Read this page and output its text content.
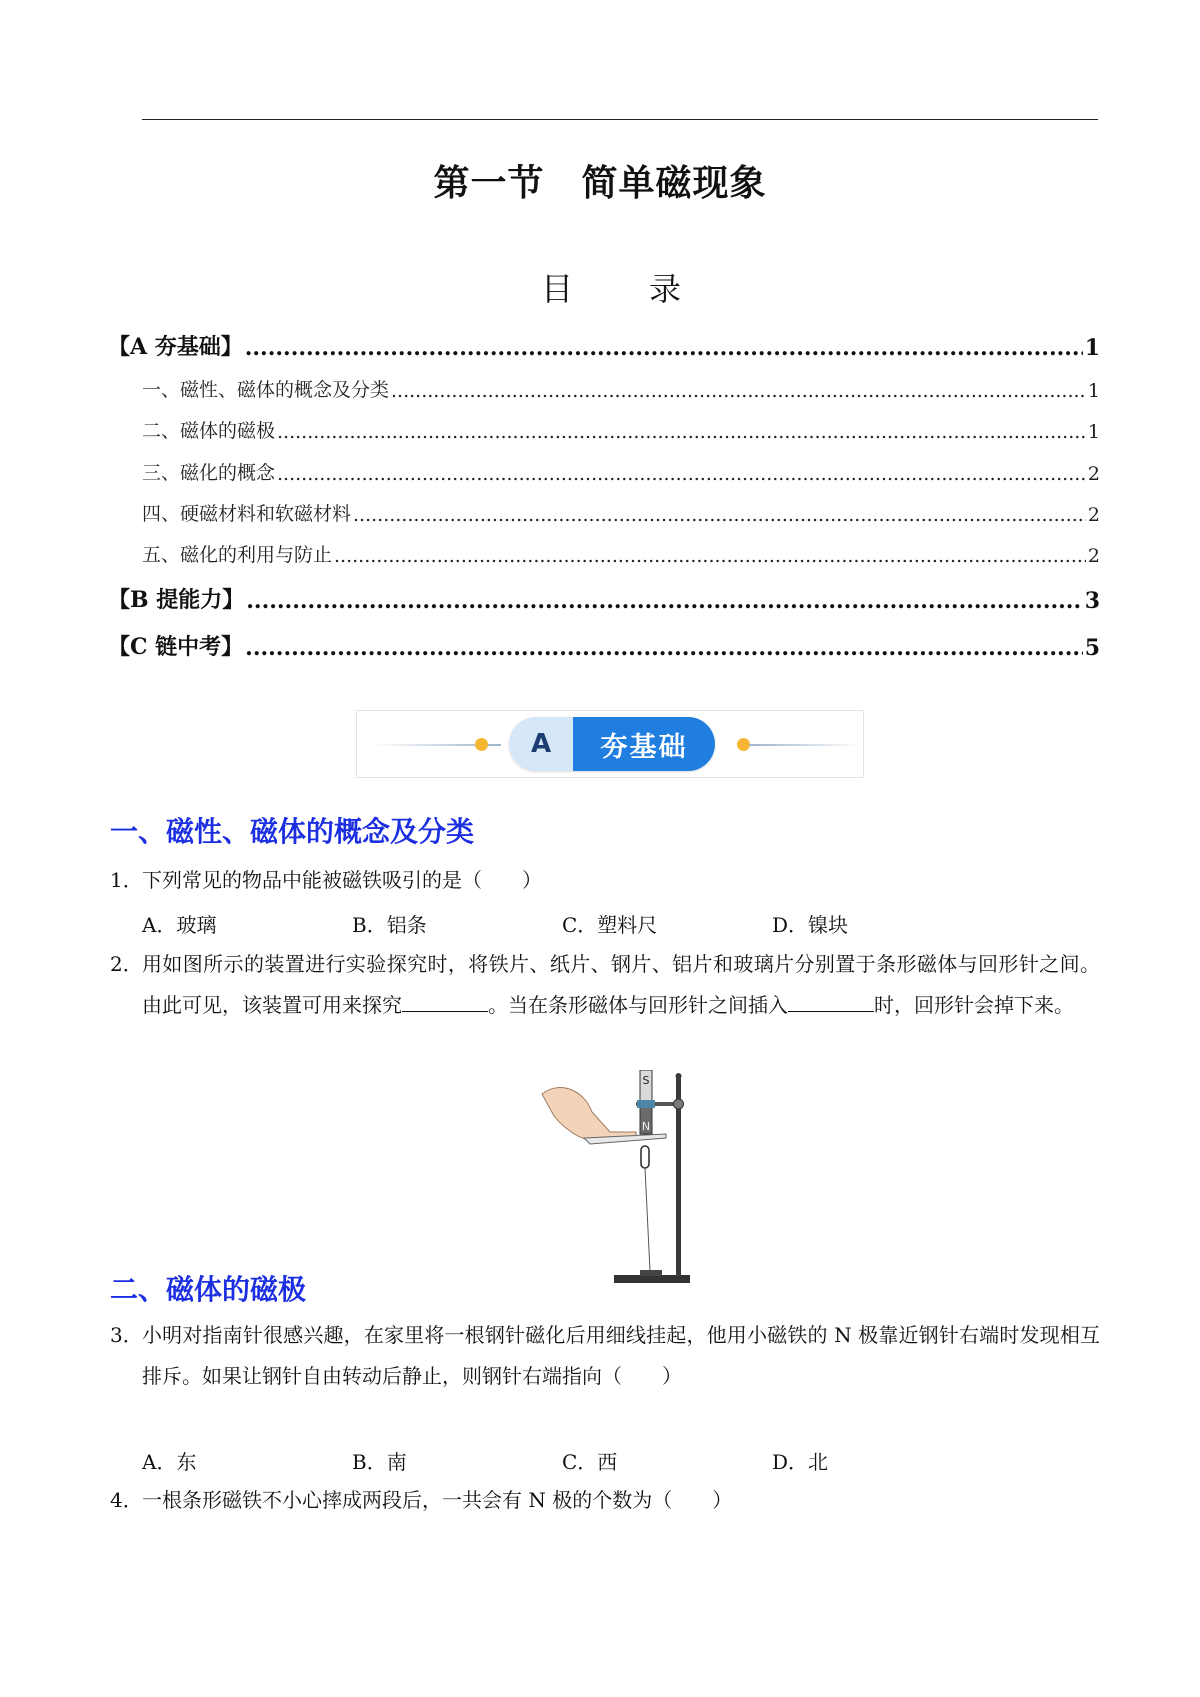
第一节　简单磁现象
目　录
【A 夯基础】 .....	1
一、磁性、磁体的概念及分类 .....	1
二、磁体的磁极 .....	1
三、磁化的概念 .....	2
四、硬磁材料和软磁材料 .....	2
五、磁化的利用与防止 .....	2
【B 提能力】 .....	3
【C 链中考】 .....	5
A	夯基础
一、磁性、磁体的概念及分类
1．下列常见的物品中能被磁铁吸引的是（　　）
A．玻璃	B．铝条	C．塑料尺	D．镍块
2． 用如图所示的装置进行实验探究时，将铁片、纸片、钢片、铝片和玻璃片分别置于条形磁体与回形针之间。由此可见，该装置可用来探究	。当在条形磁体与回形针之间插入	时，回形针会掉下来。
S
N
二、磁体的磁极
3． 小明对指南针很感兴趣，在家里将一根钢针磁化后用细线挂起，他用小磁铁的 N 极靠近钢针右端时发现相互排斥。如果让钢针自由转动后静止，则钢针右端指向（　　）
A．东	B．南	C．西	D．北
4．一根条形磁铁不小心摔成两段后，一共会有 N 极的个数为（　　）
